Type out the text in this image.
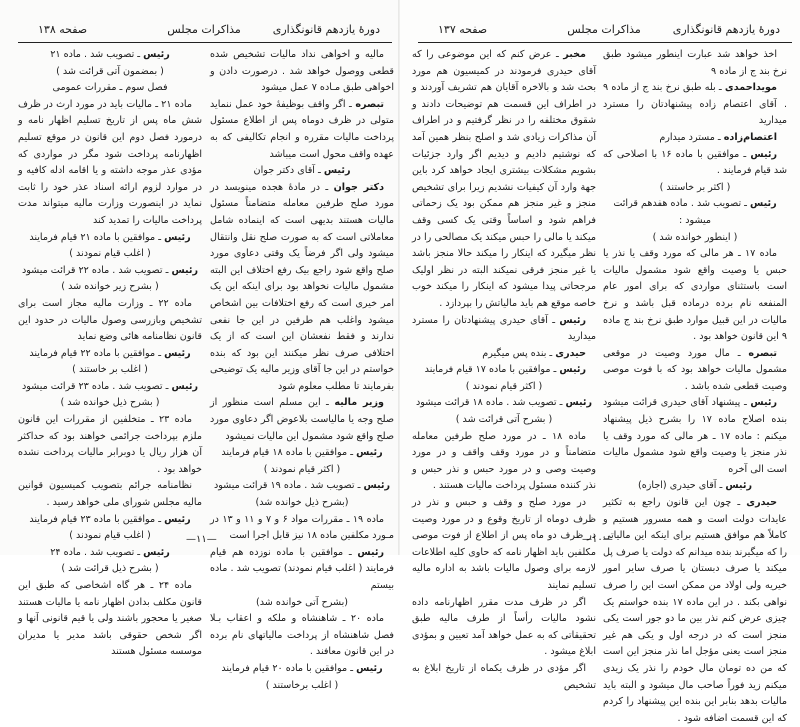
دورهٔ یازدهم قانونگذاری
مذاکرات مجلس
صفحه ۱۳۸

مالیه و اخواهی نداد مالیات تشخیص شده قطعی ووصول خواهد شد . درصورت دادن و اخواهی طبق مـاده ۷ عمل میشود

تبصره ـ اگر واقف بوظیفهٔ خود عمل ننماید متولی در ظرف دوماه پس از اطلاع مسئول پرداخت مالیات مقرره و انجام تکالیفی که به عهده واقف محول است میباشد

رئیس ـ آقای دکتر جوان

دکتر جوان ـ در مادهٔ هجده مینویسد در مورد صلح طرفین معامله متضامناً مسئول مالیات هستند بدیهی است که اینماده شامل معاملاتی است که به صورت صلح نقل وانتقال میشود ولی اگر فرضاً یک وقتی دعاوی مورد صلح واقع شود راجع بیک رفع اختلاف این البته مشمول مالیات نخواهد بود برای اینکه این یک امر خیری است که رفع اختلافات بین اشخاص میشود واغلب هم طرفین در این جا نفعی ندارند و فقط نفعشان این است که از یک اختلافی صرف نظر میکنند این بود که بنده خواستم در این جا آقای وزیر مالیه یک توضیحی بفرمایند تا مطلب معلوم شود

وزیر مالیه ـ این مسلم است منظور از صلح وجه یا مالیاست بلاعوض اگر دعاوی مورد صلح واقع شود مشمول این مالیات نمیشود

رئیس ـ موافقین با ماده ۱۸ قیام فرمایند

( اکثر قیام نمودند )

رئیس ـ تصویب شد . ماده ۱۹ قرائت میشود

(بشرح ذیل خوانده شد)

ماده ۱۹ ـ مقررات مواد ۶ و ۷ و ۱۱ و ۱۳ در مـورد مکلفین ماده ۱۸ نیز قابل اجرا است

رئیس ـ موافقین با ماده نوزده هم قیام فرمایند ( اغلب قیام نمودند) تصویب شد . ماده بیستم

(بشرح آتی خوانده شد)

ماده ۲۰ ـ شاهنشاه و ملکه و اعقاب بـلا فصل شاهنشاه از پرداخت مالیاتهای نام برده در این قانون معافند .

رئیس ـ موافقین با ماده ۲۰ قیام فرمایند

( اغلب برخاستند )

رئیس ـ تصویب شد . ماده ۲۱

( بمضمون آتی قرائت شد )

فصل سوم ـ مقررات عمومی

ماده ۲۱ ـ مالیات باید در مورد ارث در ظرف شش ماه پس از تاریخ تسلیم اظهار نامه و درمورد فصل دوم این قانون در موقع تسلیم اظهارنامه پرداخت شود مگر در مواردی که مؤدی عذر موجه داشته و یا اقامه ادله کافیه و در موارد لزوم ارائه اسناد عذر خود را ثابت نماید در اینصورت وزارت مالیه میتواند مدت پرداخت مالیات را تمدید کند

رئیس ـ موافقین با ماده ۲۱ قیام فرمایند

( اغلب قیام نمودند )

رئیس ـ تصویب شد . ماده ۲۲ قرائت میشود

( بشرح زیر خوانده شد )

ماده ۲۲ ـ وزارت مالیه مجاز است برای تشخیص وبازرسی وصول مالیات در حدود این قانون نظامنامه هائی وضع نماید

رئیس ـ موافقین با ماده ۲۲ قیام فرمایند

( اغلب بر خاستند )

رئیس ـ تصویب شد . ماده ۲۳ قرائت میشود

( بشرح ذیل خوانده شد )

ماده ۲۳ ـ متخلفین از مقررات این قانون ملزم بپرداخت جرائمی خواهند بود که حداکثر آن هزار ریال یا دوبرابر مالیات پرداخت نشده خواهد بود .

نظامنامه جرائم بتصویب کمیسیون قوانین مالیه مجلس شورای ملی خواهد رسید .

رئیس ـ موافقین با ماده ۲۳ قیام فرمایند

( اغلب قیام نمودند )

رئیس ـ تصویب شد . ماده ۲۴

( بشرح ذیل قرائت شد )

ماده ۲۴ ـ هر گاه اشخاصی که طبق این قانون مکلف بدادن اظهار نامه یا مالیات هستند صغیر یا محجور باشند ولی یا قیم قانونی آنها و اگر شخص حقوقی باشد مدیر یا مدیران موسسه مسئول هستند

—۱۱—
دورهٔ یازدهم قانونگذاری
مذاکرات مجلس
صفحه ۱۳۷

اخذ خواهد شد عبارت اینطور میشود طبق نرخ بند ج از ماده ۹

مویداحمدی ـ بله طبق نرخ بند ج از ماده ۹ . آقای اعتصام زاده پیشنهادتان را مسترد میدارید

اعتصام‌زاده ـ مسترد میدارم

رئیس ـ موافقین با ماده ۱۶ با اصلاحی که شد قیام فرمایند .

( اکثر بر خاستند )

رئیس ـ تصویب شد . ماده هفدهم قرائت میشود :

( اینطور خوانده شد )

ماده ۱۷ ـ هر مالی که مورد وقف یا نذر یا حبس یا وصیت واقع شود مشمول مالیات است باستثنای مواردی که برای امور عام المنفعه نام برده درماده قبل باشد و نرخ مالیات در این قبیل موارد طبق نرخ بند ج ماده ۹ این قانون خواهد بود .

تبصره ـ مال مورد وصیت در موقعی مشمول مالیات خواهد بود که با فوت موصی وصیت قطعی شده باشد .

رئیس ـ پیشنهاد آقای حیدری قرائت میشود بنده اصلاح ماده ۱۷ را بشرح ذیل پیشنهاد میکنم : ماده ۱۷ ـ هر مالی که مورد وقف یا نذر منجز یا وصیت واقع شود مشمول مالیات است الی آخره

رئیس ـ آقای حیدری (اجازه)

حیدری ـ چون این قانون راجع به تکثیر عایدات دولت است و همه مسرور هستیم و کاملاً هم موافق هستیم برای اینکه این مالیاتی را که میگیرند بنده میدانم که دولت یا صرف پل میکند یا صرف دبستان یا صرف سایر امور خیریه ولی اولاد من ممکن است این را صرف نواهی بکند . در این ماده ۱۷ بنده خواستم یک چیزی عرض کنم نذر بین ما دو جور است یکی منجز است که در درجه اول و یکی هم غیر منجز است یعنی مؤجل اما نذر منجز این است که من ده تومان مال خودم را نذر یک زیدی میکنم زید فوراً صاحب مال میشود و البته باید مالیات بدهد بنابر این بنده این پیشنهاد را کردم که این قسمت اضافه شود .

مخبر ـ عرض کنم که این موضوعی را که آقای حیدری فرمودند در کمیسیون هم مورد بحث شد و بالاخره آقایان هم تشریف آوردند و در اطراف این قسمت هم توضیحات دادند و شقوق مختلفه را در نظر گرفتیم و در اطراف آن مذاکرات زیادی شد و اصلح بنظر همین آمد که نوشتیم دادیم و دیدیم اگر وارد جزئیات بشویم مشکلات بیشتری ایجاد خواهد کرد باین جهة وارد آن کیفیات نشدیم زیرا برای تشخیص منجز و غیر منجز هم ممکن بود یک زحماتی فراهم شود و اساساً وقتی یک کسی وقف میکند یا مالی را حبس میکند یک مصالحی را در نظر میگیرد که اینکار را میکند حالا منجز باشد یا غیر منجز فرقی نمیکند البته در نظر اولیک مرجحاتی پیدا میشود که اینکار را میکند خوب خاصه موقع هم باید مالیاتش را بپردازد .

رئیس ـ آقای حیدری پیشنهادتان را مسترد میدارید

حیدری ـ بنده پس میگیرم

رئیس ـ موافقین با ماده ۱۷ قیام فرمایند

( اکثر قیام نمودند )

رئیس ـ تصویب شد . ماده ۱۸ قرائت میشود

( بشرح آتی قرائت شد )

ماده ۱۸ ـ در مورد صلح طرفین معامله متضامناً و در مورد وقف واقف و در مورد وصیت وصی و در مورد حبس و نذر حبس و نذر کننده مسئول پرداخت مالیات هستند .

در مورد صلح و وقف و حبس و نذر در ظرف دوماه از تاریخ وقوع و در مورد وصیت در ظرف دو ماه پس از اطلاع از فوت موصی مکلفین باید اظهار نامه که حاوی کلیه اطلاعات لازمه برای وصول مالیات باشد به اداره مالیه تسلیم نمایند

اگر در ظرف مدت مقرر اظهارنامه داده نشود مالیات رأساً از طرف مالیه طبق تحقیقاتی که به عمل خواهد آمد تعیین و بمؤدی ابلاغ میشود .

اگر مؤدی در ظرف یکماه از تاریخ ابلاغ به تشخیص

—۱۰—
